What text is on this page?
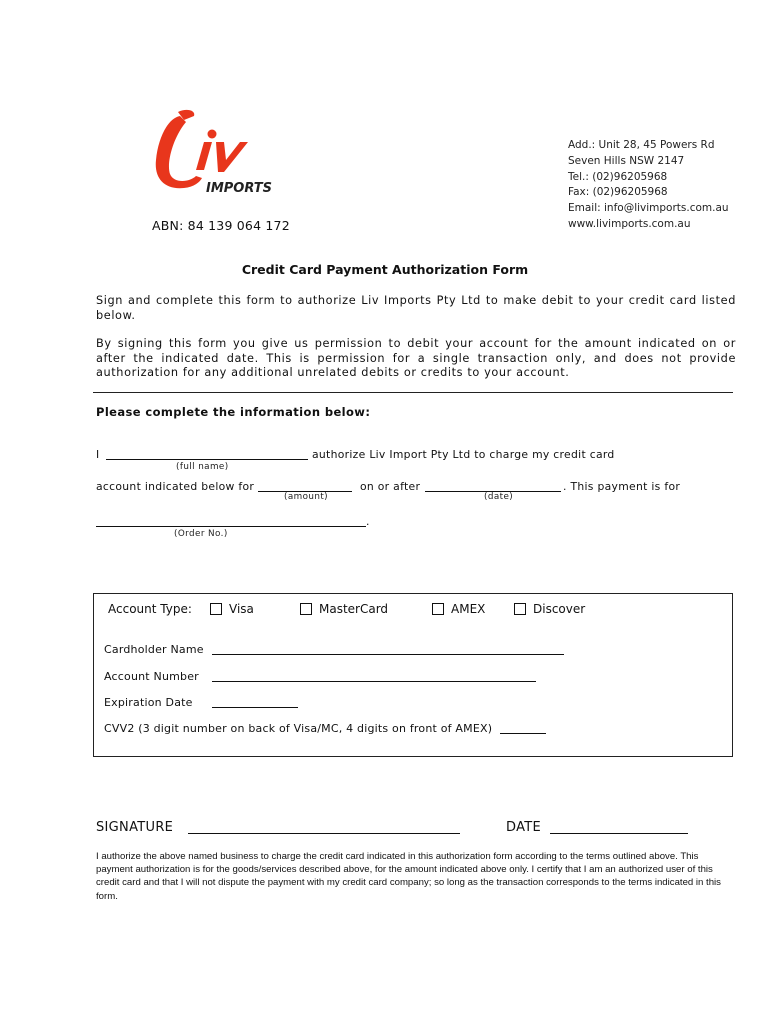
IMPORTS
ABN: 84 139 064 172
Add.: Unit 28, 45 Powers Rd
Seven Hills NSW 2147
Tel.: (02)96205968
Fax: (02)96205968
Email: info@livimports.com.au
www.livimports.com.au
Credit Card Payment Authorization Form
Sign and complete this form to authorize Liv Imports Pty Ltd to make debit to your credit card listed below.
By signing this form you give us permission to debit your account for the amount indicated on or after the indicated date. This is permission for a single transaction only, and does not provide authorization for any additional unrelated debits or credits to your account.
Please complete the information below:
I	authorize Liv Import Pty Ltd to charge my credit card
(full name)
account indicated below for	on or after	. This payment is for
(amount)	(date)
.
(Order No.)
Account Type:	Visa	MasterCard	AMEX	Discover
Cardholder Name
Account Number
Expiration Date
CVV2 (3 digit number on back of Visa/MC, 4 digits on front of AMEX)
SIGNATURE	DATE
I authorize the above named business to charge the credit card indicated in this authorization form according to the terms outlined above. This payment authorization is for the goods/services described above, for the amount indicated above only. I certify that I am an authorized user of this credit card and that I will not dispute the payment with my credit card company; so long as the transaction corresponds to the terms indicated in this form.
